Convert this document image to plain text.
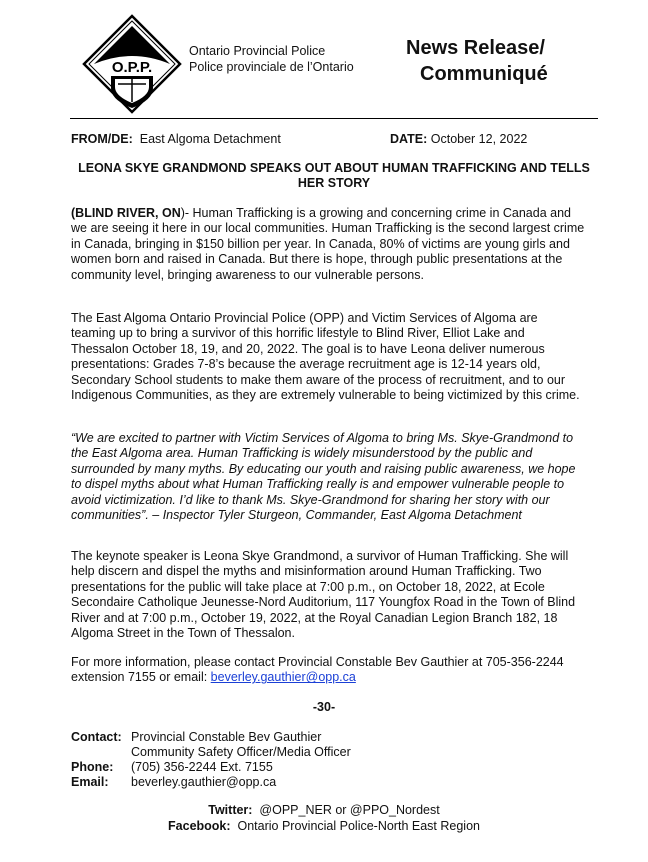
O.P.P.
Ontario Provincial Police
Police provinciale de l’Ontario
News Release/
Communiqué
FROM/DE: East Algoma Detachment	DATE: October 12, 2022
LEONA SKYE GRANDMOND SPEAKS OUT ABOUT HUMAN TRAFFICKING AND TELLS HER STORY

(BLIND RIVER, ON)- Human Trafficking is a growing and concerning crime in Canada and we are seeing it here in our local communities. Human Trafficking is the second largest crime in Canada, bringing in $150 billion per year. In Canada, 80% of victims are young girls and women born and raised in Canada. But there is hope, through public presentations at the community level, bringing awareness to our vulnerable persons.

The East Algoma Ontario Provincial Police (OPP) and Victim Services of Algoma are teaming up to bring a survivor of this horrific lifestyle to Blind River, Elliot Lake and Thessalon October 18, 19, and 20, 2022. The goal is to have Leona deliver numerous presentations: Grades 7-8’s because the average recruitment age is 12-14 years old, Secondary School students to make them aware of the process of recruitment, and to our Indigenous Communities, as they are extremely vulnerable to being victimized by this crime.

“We are excited to partner with Victim Services of Algoma to bring Ms. Skye-Grandmond to the East Algoma area. Human Trafficking is widely misunderstood by the public and surrounded by many myths. By educating our youth and raising public awareness, we hope to dispel myths about what Human Trafficking really is and empower vulnerable people to avoid victimization. I’d like to thank Ms. Skye-Grandmond for sharing her story with our communities”. – Inspector Tyler Sturgeon, Commander, East Algoma Detachment

The keynote speaker is Leona Skye Grandmond, a survivor of Human Trafficking. She will help discern and dispel the myths and misinformation around Human Trafficking. Two presentations for the public will take place at 7:00 p.m., on October 18, 2022, at Ecole Secondaire Catholique Jeunesse-Nord Auditorium, 117 Youngfox Road in the Town of Blind River and at 7:00 p.m., October 19, 2022, at the Royal Canadian Legion Branch 182, 18 Algoma Street in the Town of Thessalon.

For more information, please contact Provincial Constable Bev Gauthier at 705-356-2244 extension 7155 or email: beverley.gauthier@opp.ca

-30-
Contact: Provincial Constable Bev Gauthier
Community Safety Officer/Media Officer
Phone:	(705) 356-2244 Ext. 7155
Email:	beverley.gauthier@opp.ca
Twitter: @OPP_NER or @PPO_Nordest
Facebook: Ontario Provincial Police-North East Region
